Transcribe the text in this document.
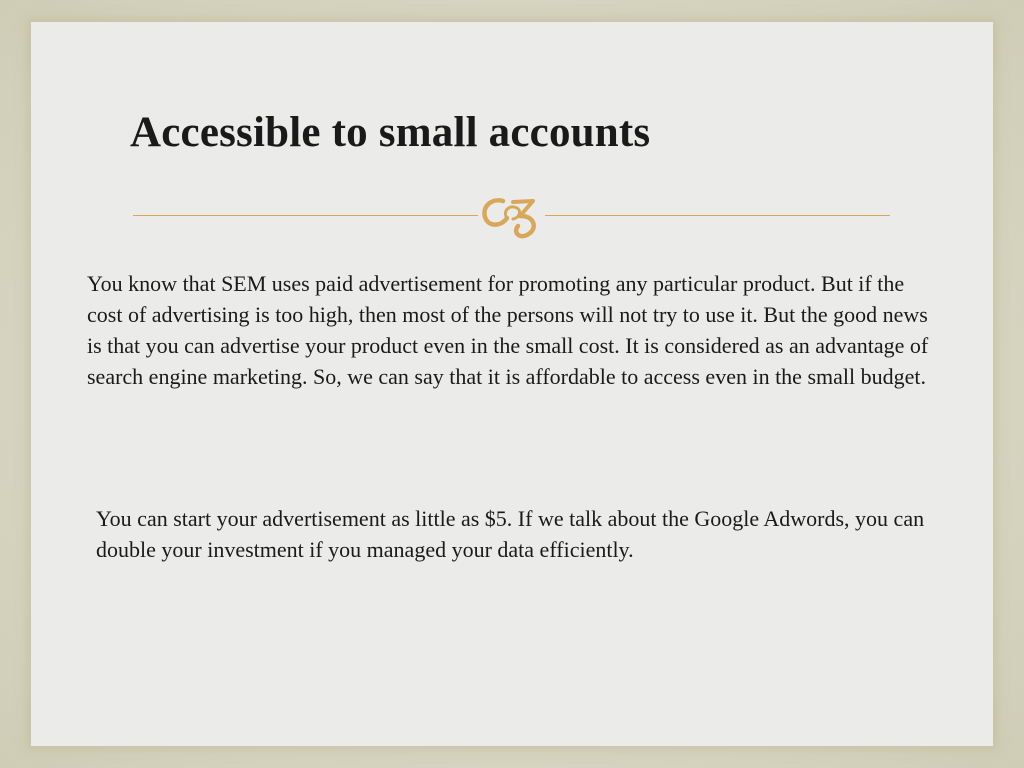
Accessible to small accounts

You know that SEM uses paid advertisement for promoting any particular product. But if the cost of advertising is too high, then most of the persons will not try to use it. But the good news is that you can advertise your product even in the small cost. It is considered as an advantage of search engine marketing. So, we can say that it is affordable to access even in the small budget.

You can start your advertisement as little as $5. If we talk about the Google Adwords, you can double your investment if you managed your data efficiently.
